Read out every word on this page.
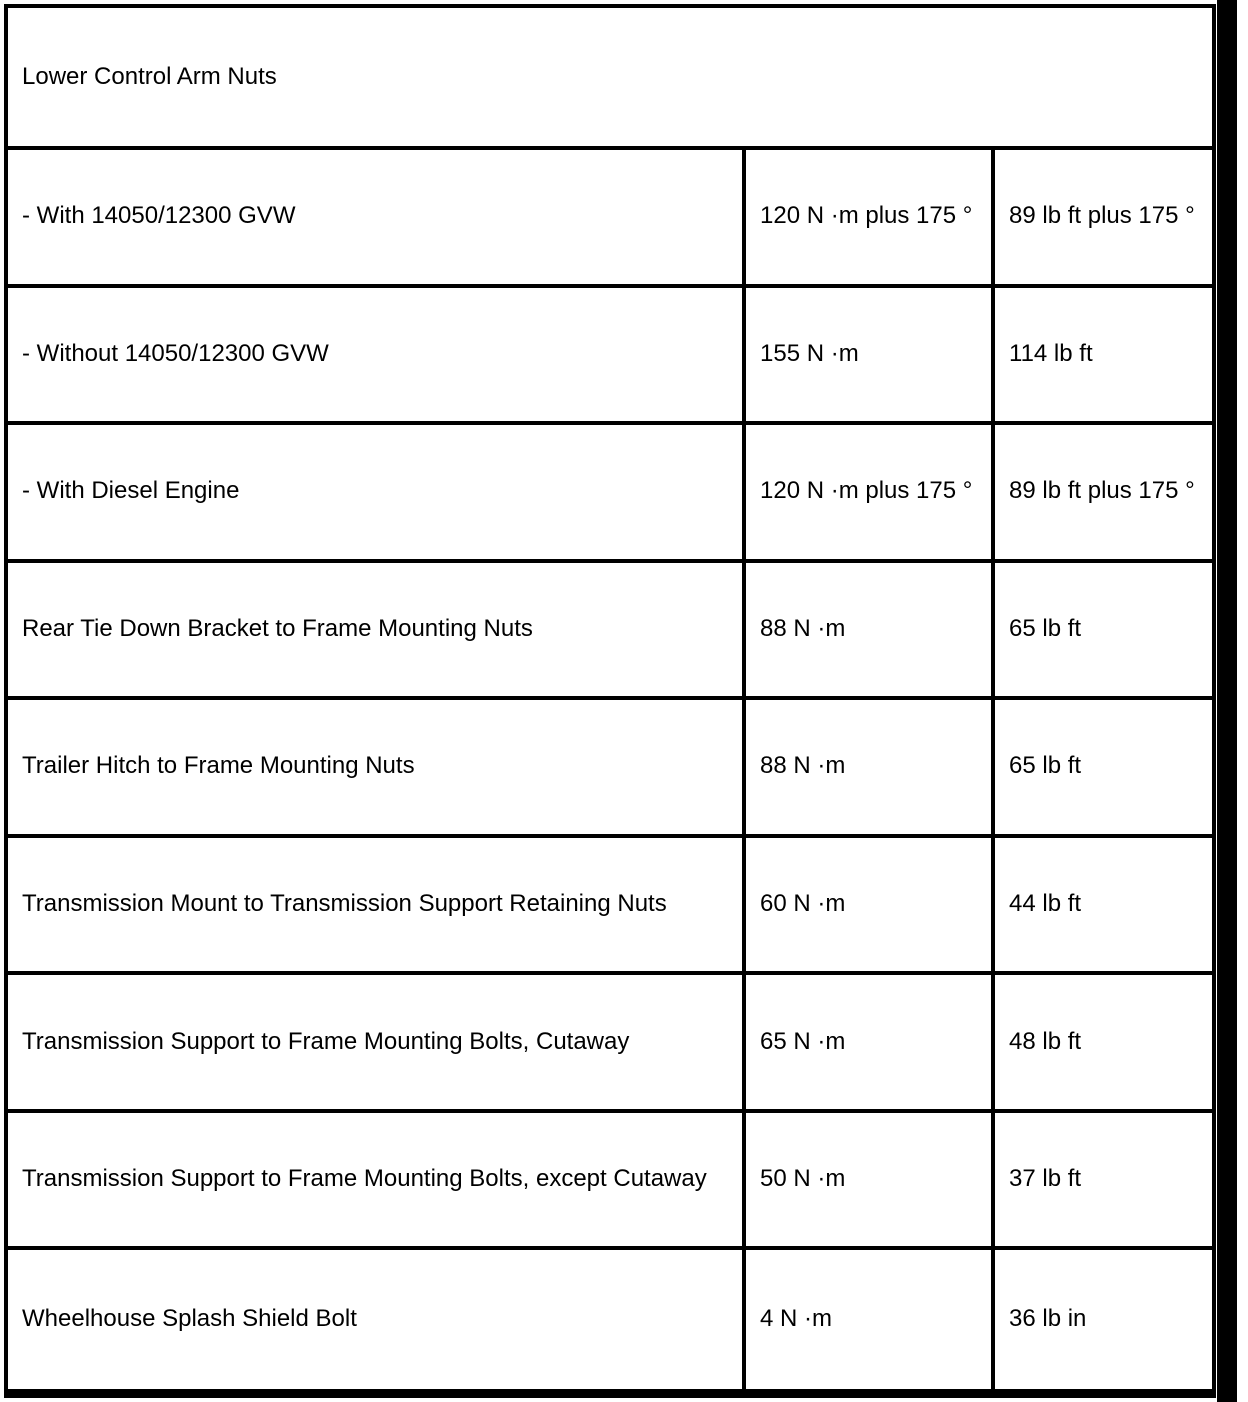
Lower Control Arm Nuts		
- With 14050/12300 GVW	120 N ·m plus 175 °	89 lb ft plus 175 °
- Without 14050/12300 GVW	155 N ·m	114 lb ft
- With Diesel Engine	120 N ·m plus 175 °	89 lb ft plus 175 °
Rear Tie Down Bracket to Frame Mounting Nuts	88 N ·m	65 lb ft
Trailer Hitch to Frame Mounting Nuts	88 N ·m	65 lb ft
Transmission Mount to Transmission Support Retaining Nuts	60 N ·m	44 lb ft
Transmission Support to Frame Mounting Bolts, Cutaway	65 N ·m	48 lb ft
Transmission Support to Frame Mounting Bolts, except Cutaway	50 N ·m	37 lb ft
Wheelhouse Splash Shield Bolt	4 N ·m	36 lb in
